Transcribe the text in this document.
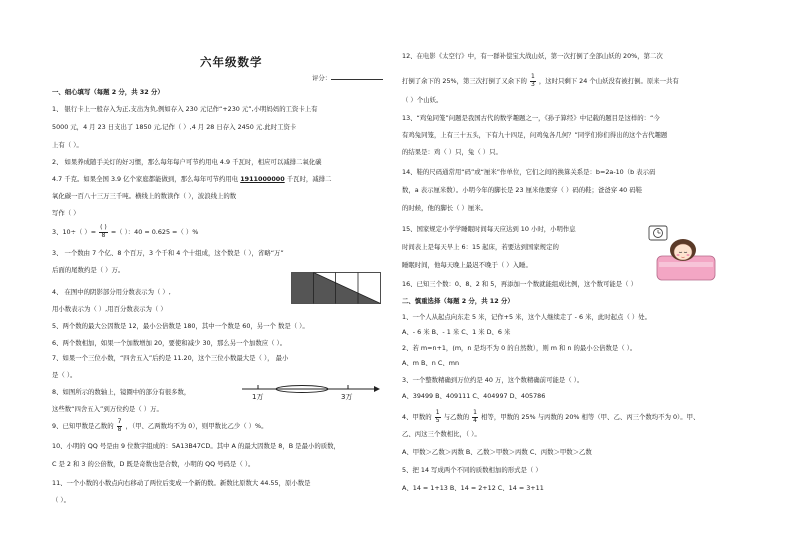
六年级数学
评分：
一、细心填写（每题 2 分，共 32 分）
1、 银行卡上一般存入为正,支出为负,例如存入 230 元记作“+230 元”,小明妈妈的工资卡上有
5000 元，4 月 23 日支出了 1850 元,记作（ ）,4 月 28 日存入 2450 元.此时工资卡
上有（ ）。
2、 如果养成随手关灯的好习惯，那么每年每户可节约用电 4.9 千瓦时，相应可以减排二氧化碳
4.7 千克。如果全国 3.9 亿个家庭都能做到，那么每年可节约用电 1911000000 千瓦时，减排二
氧化碳一百八十三万三千吨。横线上的数读作（ ），波浪线上的数
写作（ ）
3、10÷（ ）= $\frac{( )}{8}$ =（ ）：40 = 0.625 =（ ）%
3、 一个数由 7 个亿、8 个百万，3 个千和 4 个十组成，这个数是（ ），省略“万”
后面的尾数约是（ ）万。
4、 在图中的阴影部分用分数表示为（ ）,
用小数表示为（ ）,用百分数表示为（ ）
5、两个数的最大公因数是 12，最小公倍数是 180，其中一个数是 60，另一个 数是（ ）。
6、两个数相加，如果一个加数增加 20，要使和减少 30，那么另一个加数应（ ）。
7、如果一个三位小数，“四舍五入”后约是 11.20，这个三位小数最大是（ ）， 最小
是（ ）。
8、如图所示的数轴上，镜圈中的部分有很多数，
这些数“四舍五入”到万位约是（ ）万。
9、已知甲数是乙数的 $\frac{7}{8}$ ，（甲、乙两数均不为 0），则甲数比乙少（ ）%。
10、小明的 QQ 号是由 9 位数字组成的：5A13B47CD。其中 A 的最大因数是 8，B 是最小的质数，
C 是 2 和 3 的公倍数，D 既是奇数也是合数，小明的 QQ 号码是（ ）。
11、一个小数的小数点向右移动了两位后变成一个新的数。新数比原数大 44.55，原小数是
（ ）。
1万	3万
12、在电影《太空行》中，有一群补偿宝大战山妖，第一次打倒了全部山妖的 20%，第二次
打倒了余下的 25%，第三次打倒了又余下的 $\frac{1}{3}$ ，这时只剩下 24 个山妖没有被打倒。原来一共有
（ ）个山妖。
13、“鸡兔同笼”问题是我国古代的数学趣题之一，《孙子算经》中记载的题目是这样的：“今
有鸡兔同笼，上有三十五头，下有九十四足，问鸡兔各几何？”同学们你们得出的这个古代趣题
的结果是：鸡（ ）只，兔（ ）只。
14、鞋的尺码通常用“码”或“厘米”作单位，它们之间的换算关系是：b=2a-10（b 表示码
数，a 表示厘米数）。小明今年的脚长是 23 厘米他要穿（ ）码的鞋；爸爸穿 40 码鞋
的时候，他的脚长（ ）厘米。
15、国家规定小学学睡眠时间每天应达到 10 小时，小明作息
时间表上是每天早上 6：15 起床，若要达到国家规定的
睡眠时间，他每天晚上最迟不晚于（ ）入睡。
16、已知三个数：0、8、2 和 5，再添加一个数就能组成比例，这个数可能是（ ）
二、慎重选择（每题 2 分，共 12 分）
1、一个人从起点向东走 5 米，记作+5 米，这个人继续走了 - 6 米，此时起点（ ）处。
A、- 6 米 B、- 1 米 C、1 米 D、6 米
2、若 m=n+1，(m，n 是均不为 0 的自然数），则 m 和 n 的最小公倍数是（ ）。
A、m B、n C、mn
3、一个整数精确到万位约是 40 万，这个数精确前可能是（ ）。
A、39499 B、409111 C、404997 D、405786
4、甲数的 $\frac{1}{5}$ 与乙数的 $\frac{1}{4}$ 相等，甲数的 25% 与丙数的 20% 相等（甲、乙、丙三个数均不为 0）。甲、
乙、丙这三个数相比，（ ）。
A、甲数＞乙数＞丙数 B、乙数＞甲数＞丙数 C、丙数＞甲数＞乙数
5、把 14 写成两个不同的质数相加的形式是（ ）
A、14 = 1+13 B、14 = 2+12 C、14 = 3+11
